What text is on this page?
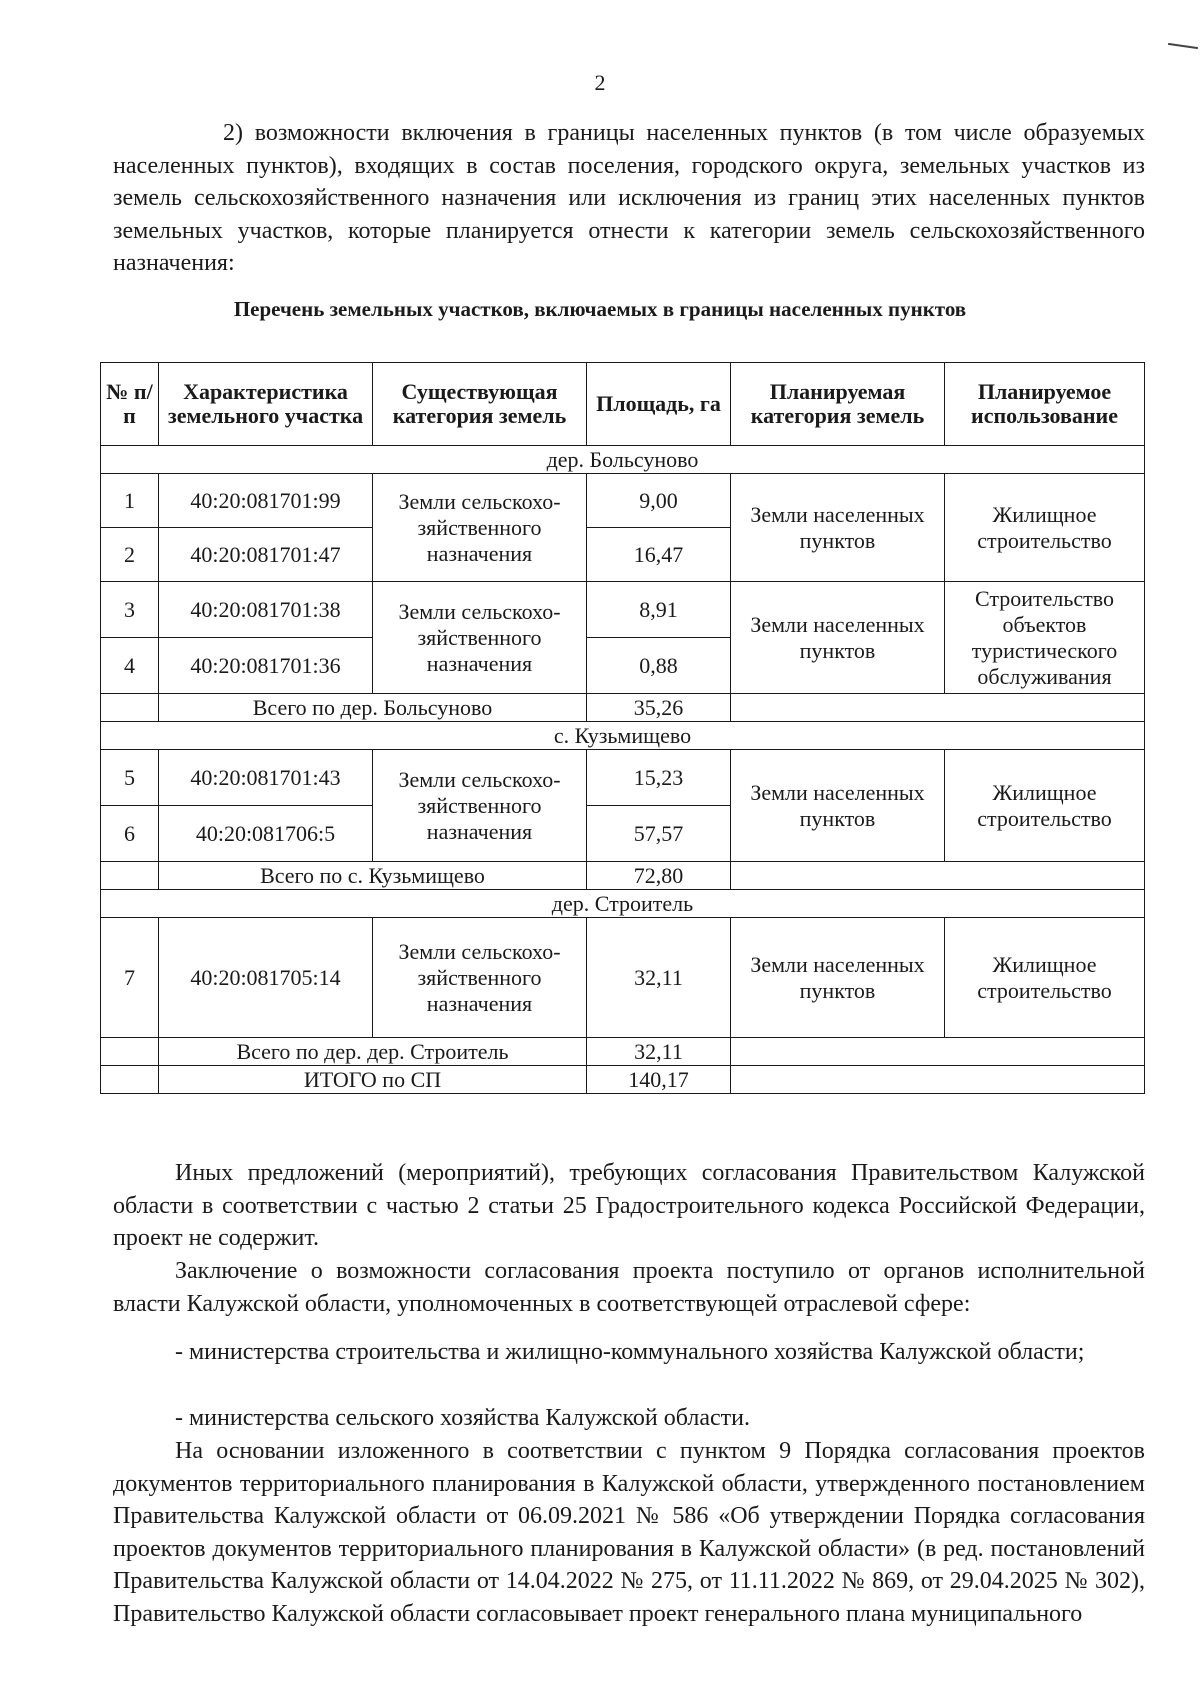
2

2) возможности включения в границы населенных пунктов (в том числе образуемых населенных пунктов), входящих в состав поселения, городского округа, земельных участков из земель сельскохозяйственного назначения или исключения из границ этих населенных пунктов земельных участков, которые планируется отнести к категории земель сельскохозяйственного назначения:

Перечень земельных участков, включаемых в границы населенных пунктов
№ п/п	Характеристика земельного участка	Существующая категория земель	Площадь, га	Планируемая категория земель	Планируемое использование
дер. Больсуново					
1	40:20:081701:99	Земли сельскохо-зяйственного назначения	9,00	Земли населенных пунктов	Жилищное строительство
2	40:20:081701:47		16,47		
3	40:20:081701:38	Земли сельскохо-зяйственного назначения	8,91	Земли населенных пунктов	Строительство объектов туристического обслуживания
4	40:20:081701:36		0,88		
	Всего по дер. Больсуново		35,26		
с. Кузьмищево					
5	40:20:081701:43	Земли сельскохо-зяйственного назначения	15,23	Земли населенных пунктов	Жилищное строительство
6	40:20:081706:5		57,57		
	Всего по с. Кузьмищево		72,80		
дер. Строитель					
7	40:20:081705:14	Земли сельскохо-зяйственного назначения	32,11	Земли населенных пунктов	Жилищное строительство
	Всего по дер. дер. Строитель		32,11		
	ИТОГО по СП		140,17		

Иных предложений (мероприятий), требующих согласования Правительством Калужской области в соответствии с частью 2 статьи 25 Градостроительного кодекса Российской Федерации, проект не содержит.

Заключение о возможности согласования проекта поступило от органов исполнительной власти Калужской области, уполномоченных в соответствующей отраслевой сфере:

- министерства строительства и жилищно-коммунального хозяйства Калужской области;

- министерства сельского хозяйства Калужской области.

На основании изложенного в соответствии с пунктом 9 Порядка согласования проектов документов территориального планирования в Калужской области, утвержденного постановлением Правительства Калужской области от 06.09.2021 № 586 «Об утверждении Порядка согласования проектов документов территориального планирования в Калужской области» (в ред. постановлений Правительства Калужской области от 14.04.2022 № 275, от 11.11.2022 № 869, от 29.04.2025 № 302), Правительство Калужской области согласовывает проект генерального плана муниципального
